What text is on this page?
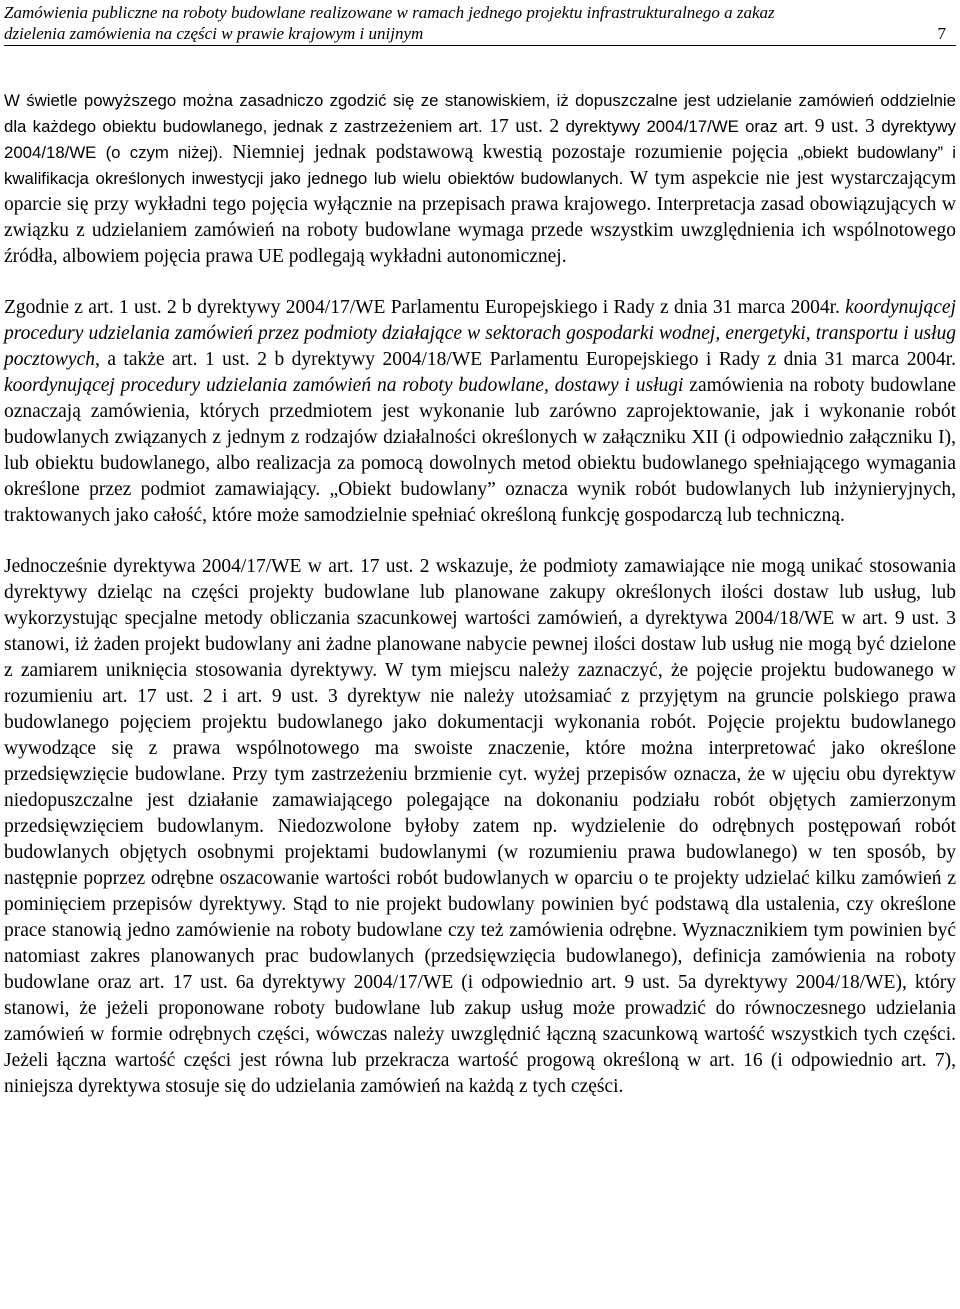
Zamówienia publiczne na roboty budowlane realizowane w ramach jednego projektu infrastrukturalnego a zakaz
dzielenia zamówienia na części w prawie krajowym i unijnym	7

W świetle powyższego można zasadniczo zgodzić się ze stanowiskiem, iż dopuszczalne jest udzielanie zamówień oddzielnie dla każdego obiektu budowlanego, jednak z zastrzeżeniem art. 17 ust. 2 dyrektywy 2004/17/WE oraz art. 9 ust. 3 dyrektywy 2004/18/WE (o czym niżej). Niemniej jednak podstawową kwestią pozostaje rozumienie pojęcia „obiekt budowlany” i kwalifikacja określonych inwestycji jako jednego lub wielu obiektów budowlanych. W tym aspekcie nie jest wystarczającym oparcie się przy wykładni tego pojęcia wyłącznie na przepisach prawa krajowego. Interpretacja zasad obowiązujących w związku z udzielaniem zamówień na roboty budowlane wymaga przede wszystkim uwzględnienia ich wspólnotowego źródła, albowiem pojęcia prawa UE podlegają wykładni autonomicznej.

Zgodnie z art. 1 ust. 2 b dyrektywy 2004/17/WE Parlamentu Europejskiego i Rady z dnia 31 marca 2004r. koordynującej procedury udzielania zamówień przez podmioty działające w sektorach gospodarki wodnej, energetyki, transportu i usług pocztowych, a także art. 1 ust. 2 b dyrektywy 2004/18/WE Parlamentu Europejskiego i Rady z dnia 31 marca 2004r. koordynującej procedury udzielania zamówień na roboty budowlane, dostawy i usługi zamówienia na roboty budowlane oznaczają zamówienia, których przedmiotem jest wykonanie lub zarówno zaprojektowanie, jak i wykonanie robót budowlanych związanych z jednym z rodzajów działalności określonych w załączniku XII (i odpowiednio załączniku I), lub obiektu budowlanego, albo realizacja za pomocą dowolnych metod obiektu budowlanego spełniającego wymagania określone przez podmiot zamawiający. „Obiekt budowlany” oznacza wynik robót budowlanych lub inżynieryjnych, traktowanych jako całość, które może samodzielnie spełniać określoną funkcję gospodarczą lub techniczną.

Jednocześnie dyrektywa 2004/17/WE w art. 17 ust. 2 wskazuje, że podmioty zamawiające nie mogą unikać stosowania dyrektywy dzieląc na części projekty budowlane lub planowane zakupy określonych ilości dostaw lub usług, lub wykorzystując specjalne metody obliczania szacunkowej wartości zamówień, a dyrektywa 2004/18/WE w art. 9 ust. 3 stanowi, iż żaden projekt budowlany ani żadne planowane nabycie pewnej ilości dostaw lub usług nie mogą być dzielone z zamiarem uniknięcia stosowania dyrektywy. W tym miejscu należy zaznaczyć, że pojęcie projektu budowanego w rozumieniu art. 17 ust. 2 i art. 9 ust. 3 dyrektyw nie należy utożsamiać z przyjętym na gruncie polskiego prawa budowlanego pojęciem projektu budowlanego jako dokumentacji wykonania robót. Pojęcie projektu budowlanego wywodzące się z prawa wspólnotowego ma swoiste znaczenie, które można interpretować jako określone przedsięwzięcie budowlane. Przy tym zastrzeżeniu brzmienie cyt. wyżej przepisów oznacza, że w ujęciu obu dyrektyw niedopuszczalne jest działanie zamawiającego polegające na dokonaniu podziału robót objętych zamierzonym przedsięwzięciem budowlanym. Niedozwolone byłoby zatem np. wydzielenie do odrębnych postępowań robót budowlanych objętych osobnymi projektami budowlanymi (w rozumieniu prawa budowlanego) w ten sposób, by następnie poprzez odrębne oszacowanie wartości robót budowlanych w oparciu o te projekty udzielać kilku zamówień z pominięciem przepisów dyrektywy. Stąd to nie projekt budowlany powinien być podstawą dla ustalenia, czy określone prace stanowią jedno zamówienie na roboty budowlane czy też zamówienia odrębne. Wyznacznikiem tym powinien być natomiast zakres planowanych prac budowlanych (przedsięwzięcia budowlanego), definicja zamówienia na roboty budowlane oraz art. 17 ust. 6a dyrektywy 2004/17/WE (i odpowiednio art. 9 ust. 5a dyrektywy 2004/18/WE), który stanowi, że jeżeli proponowane roboty budowlane lub zakup usług może prowadzić do równoczesnego udzielania zamówień w formie odrębnych części, wówczas należy uwzględnić łączną szacunkową wartość wszystkich tych części. Jeżeli łączna wartość części jest równa lub przekracza wartość progową określoną w art. 16 (i odpowiednio art. 7), niniejsza dyrektywa stosuje się do udzielania zamówień na każdą z tych części.
